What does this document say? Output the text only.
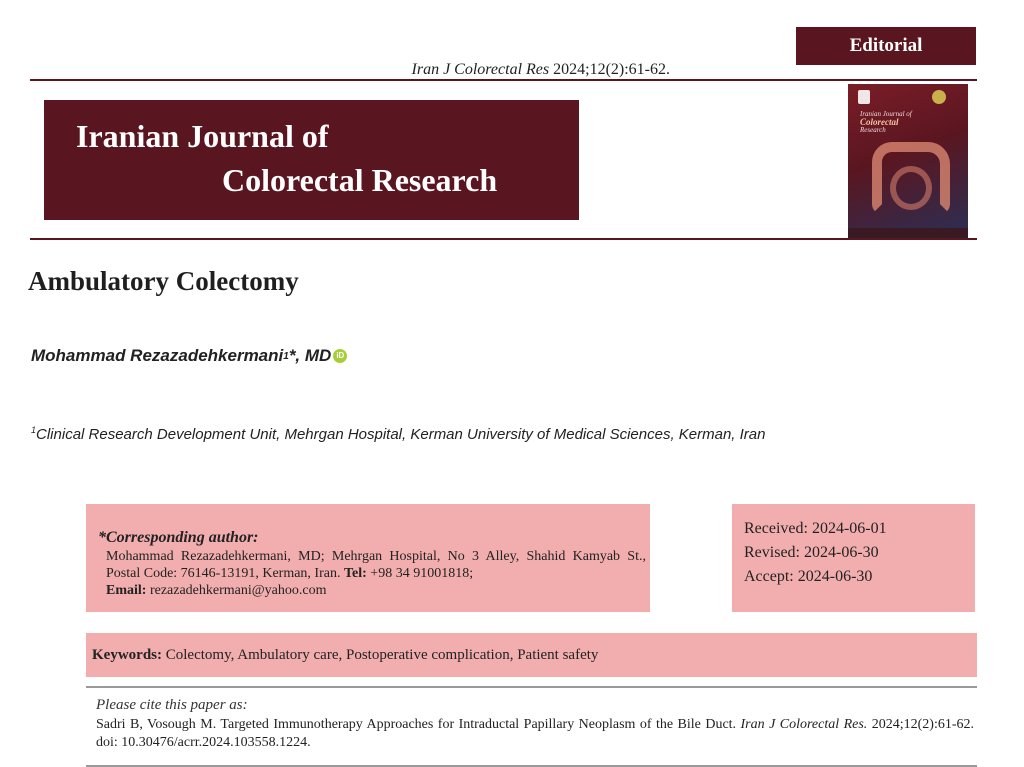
Editorial
Iran J Colorectal Res 2024;12(2):61-62.
Iranian Journal of
Colorectal Research
Iranian Journal of
Colorectal
Research
Ambulatory Colectomy
Mohammad Rezazadehkermani 1 *, MD iD
$^1$Clinical Research Development Unit, Mehrgan Hospital, Kerman University of Medical Sciences, Kerman, Iran
*Corresponding author:
Mohammad Rezazadehkermani, MD; Mehrgan Hospital, No 3 Alley, Shahid Kamyab St., Postal Code: 76146-13191, Kerman, Iran. Tel: +98 34 91001818;
Email: rezazadehkermani@yahoo.com
Received: 2024-06-01
Revised: 2024-06-30
Accept: 2024-06-30
Keywords: Colectomy, Ambulatory care, Postoperative complication, Patient safety
Please cite this paper as:
Sadri B, Vosough M. Targeted Immunotherapy Approaches for Intraductal Papillary Neoplasm of the Bile Duct. Iran J Colorectal Res. 2024;12(2):61-62. doi: 10.30476/acrr.2024.103558.1224.
